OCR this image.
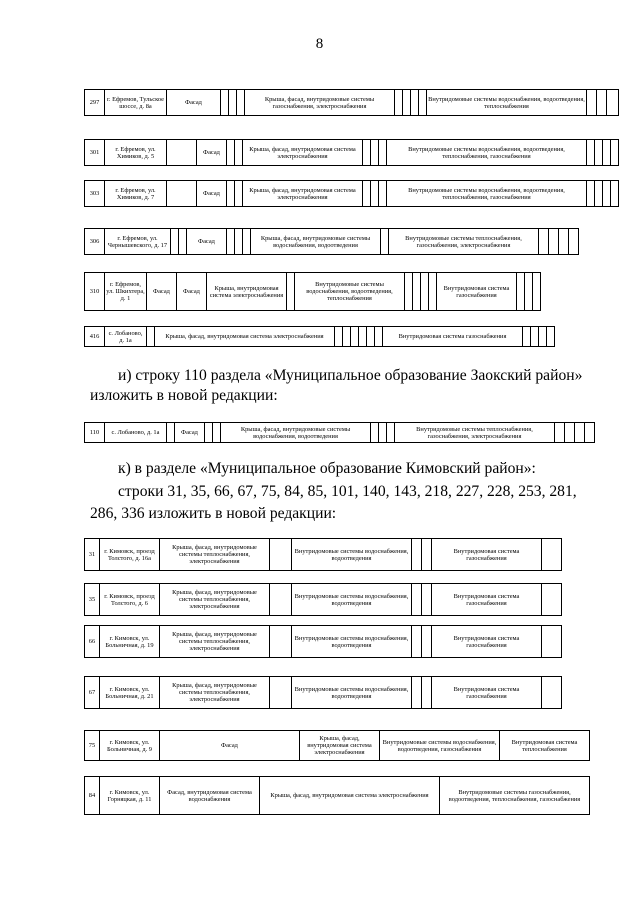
8
297	г. Ефремов, Тульское шоссе, д. 8а	Фасад				Крыша, фасад, внутридомовые системы газоснабжения, электроснабжения					Внутридомовые системы водоснабжения, водоотведения, теплоснабжения			
301	г. Ефремов, ул. Химиков, д. 5		Фасад			Крыша, фасад, внутридомовая система электроснабжения				Внутридомовые системы водоснабжения, водоотведения, теплоснабжения, газоснабжения				
303	г. Ефремов, ул. Химиков, д. 7		Фасад			Крыша, фасад, внутридомовая система электроснабжения				Внутридомовые системы водоснабжения, водоотведения, теплоснабжения, газоснабжения				
306	г. Ефремов, ул. Чернышевского, д. 17			Фасад				Крыша, фасад, внутридомовые системы водоснабжения, водоотведения		Внутридомовые системы теплоснабжения, газоснабжения, электроснабжения				
310	г. Ефремов, ул. Шкихтера, д. 1	Фасад	Фасад	Крыша, внутридомовая система электроснабжения		Внутридомовые системы водоснабжения, водоотведения, теплоснабжения					Внутридомовая система газоснабжения			
416	с. Лобаново, д. 1а		Крыша, фасад, внутридомовая система электроснабжения							Внутридомовая система газоснабжения				

и) строку 110 раздела «Муниципальное образование Заокский район»

изложить в новой редакции:

110	с. Лобаново, д. 1а		Фасад			Крыша, фасад, внутридомовые системы водоснабжения, водоотведения				Внутридомовые системы теплоснабжения, газоснабжения, электроснабжения				

к) в разделе «Муниципальное образование Кимовский район»:

строки 31, 35, 66, 67, 75, 84, 85, 101, 140, 143, 218, 227, 228, 253, 281,

286, 336 изложить в новой редакции:

31	г. Кимовск, проезд Толстого, д. 16а	Крыша, фасад, внутридомовые системы теплоснабжения, электроснабжения		Внутридомовые системы водоснабжения, водоотведения			Внутридомовая система газоснабжения	
35	г. Кимовск, проезд Толстого, д. 6	Крыша, фасад, внутридомовые системы теплоснабжения, электроснабжения		Внутридомовые системы водоснабжения, водоотведения			Внутридомовая система газоснабжения	
66	г. Кимовск, ул. Больничная, д. 19	Крыша, фасад, внутридомовые системы теплоснабжения, электроснабжения		Внутридомовые системы водоснабжения, водоотведения			Внутридомовая система газоснабжения	
67	г. Кимовск, ул. Больничная, д. 21	Крыша, фасад, внутридомовые системы теплоснабжения, электроснабжения		Внутридомовые системы водоснабжения, водоотведения			Внутридомовая система газоснабжения	
75	г. Кимовск, ул. Больничная, д. 9	Фасад	Крыша, фасад, внутридомовая система электроснабжения	Внутридомовые системы водоснабжения, водоотведения, газоснабжения	Внутридомовая система теплоснабжения
84	г. Кимовск, ул. Горняцкая, д. 11	Фасад, внутридомовая система водоснабжения	Крыша, фасад, внутридомовая система электроснабжения	Внутридомовые системы газоснабжения, водоотведения, теплоснабжения, газоснабжения
